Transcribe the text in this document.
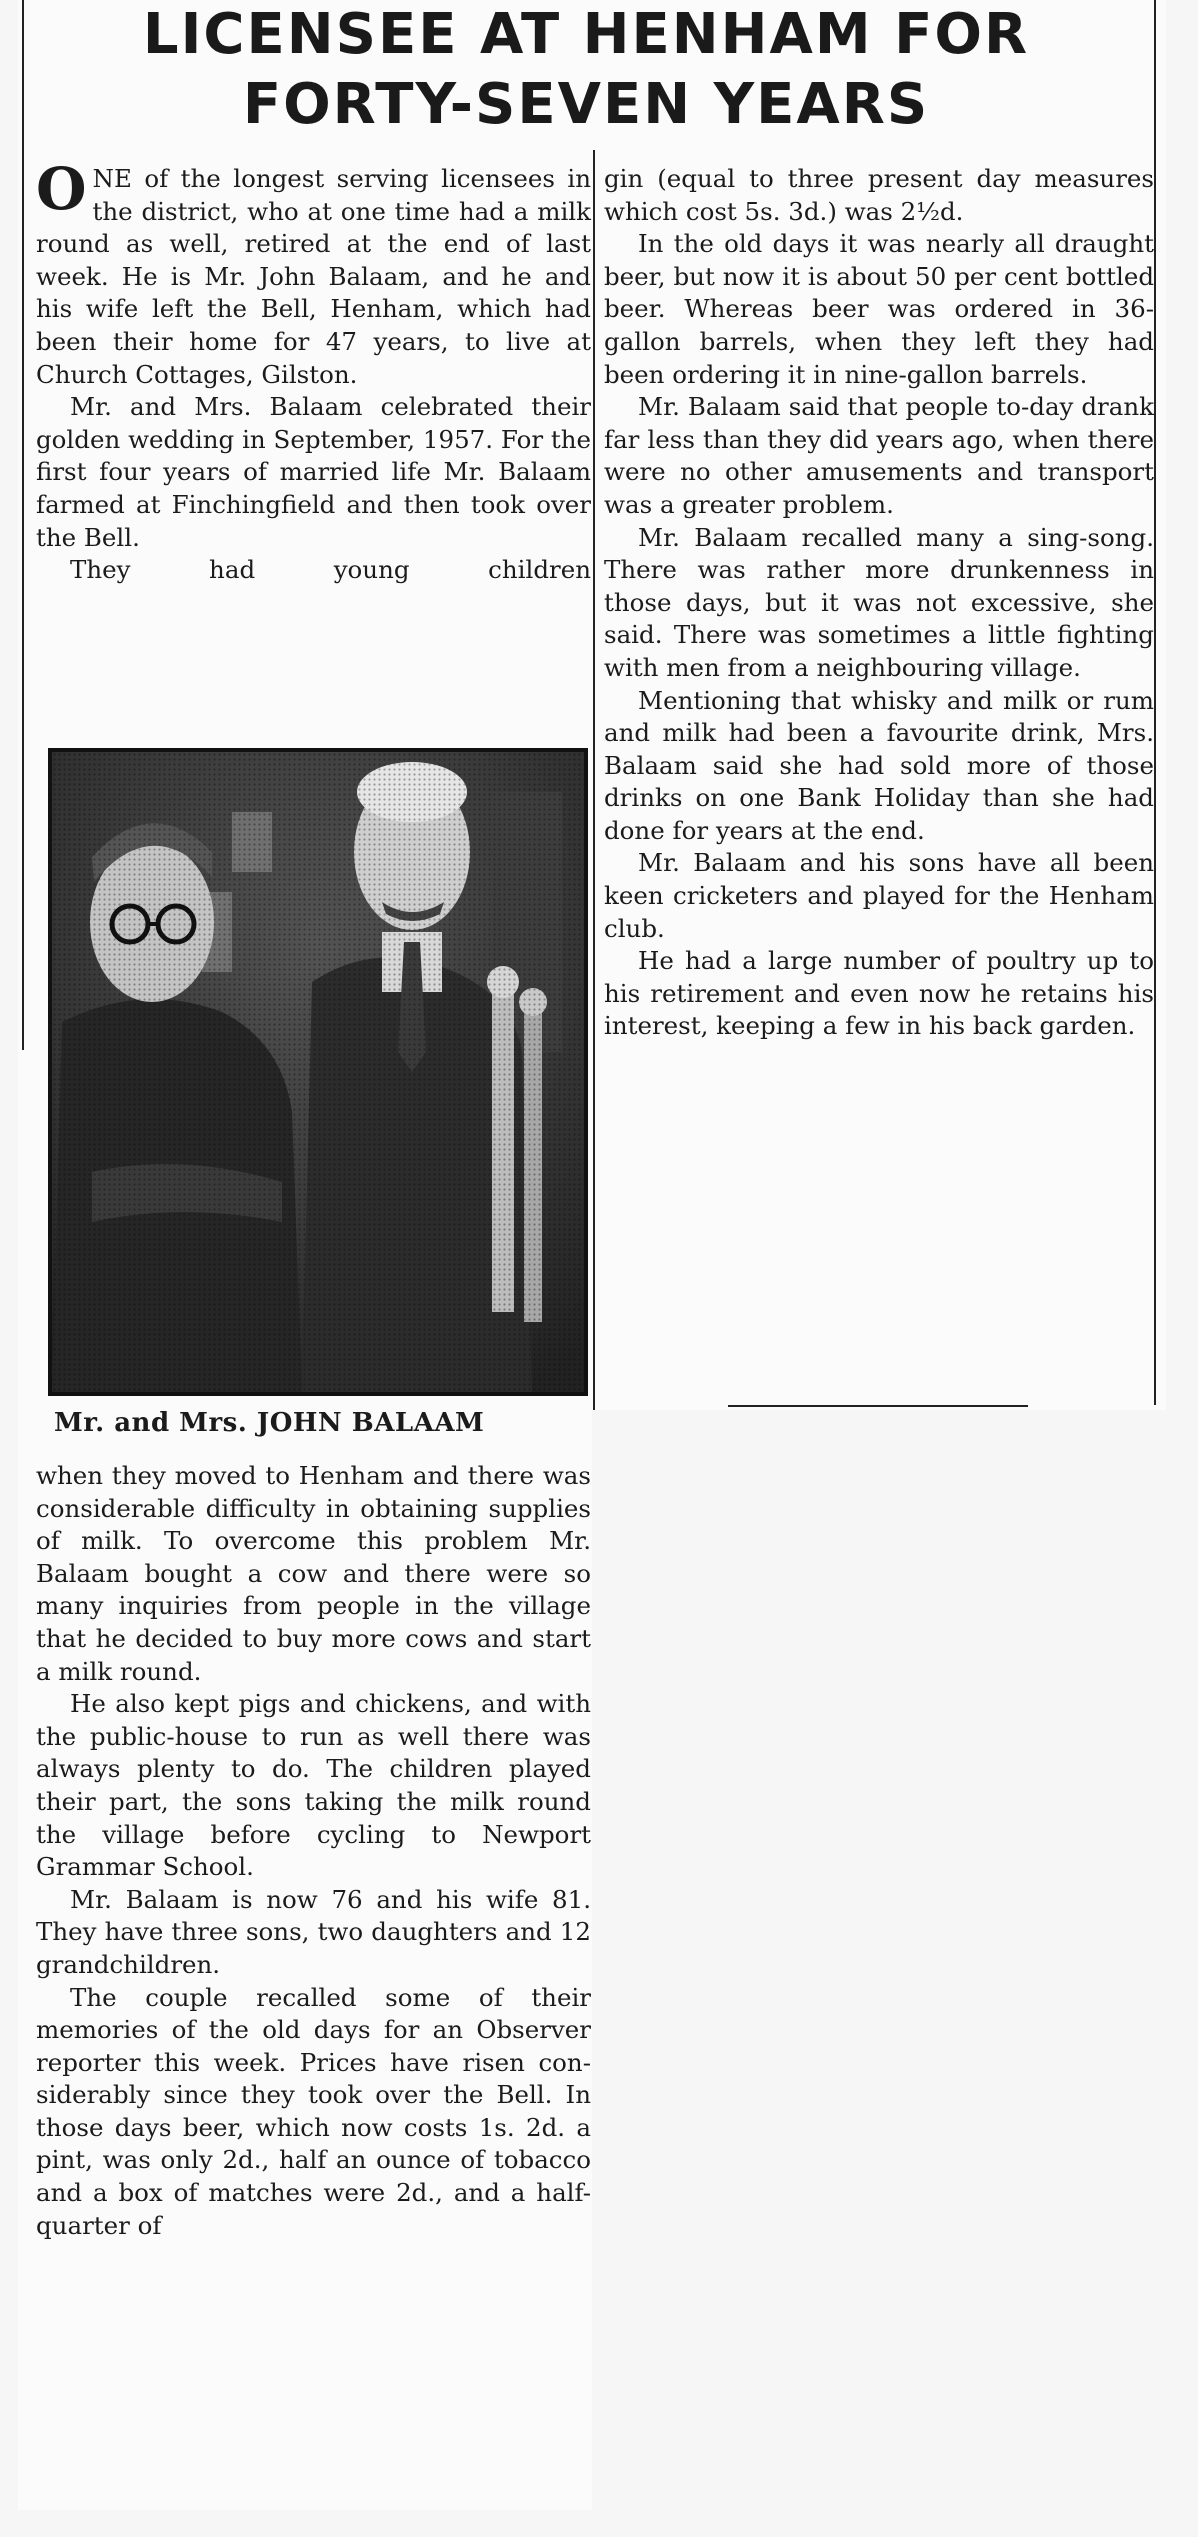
LICENSEE AT HENHAM FOR
FORTY-SEVEN YEARS

ONE of the longest serving licensees in the district, who at one time had a milk round as well, retired at the end of last week. He is Mr. John Balaam, and he and his wife left the Bell, Henham, which had been their home for 47 years, to live at Church Cottages, Gilston.

Mr. and Mrs. Balaam celebrated their golden wedding in September, 1957. For the first four years of married life Mr. Balaam farmed at Finchingfield and then took over the Bell.

They had young children

Mr. and Mrs. JOHN BALAAM

when they moved to Henham and there was considerable difficulty in obtaining supplies of milk. To overcome this problem Mr. Balaam bought a cow and there were so many inquiries from people in the village that he decided to buy more cows and start a milk round.

He also kept pigs and chickens, and with the public-house to run as well there was always plenty to do. The children played their part, the sons taking the milk round the village before cycling to Newport Grammar School.

Mr. Balaam is now 76 and his wife 81. They have three sons, two daughters and 12 grandchildren.

The couple recalled some of their memories of the old days for an Observer reporter this week. Prices have risen considerably since they took over the Bell. In those days beer, which now costs 1s. 2d. a pint, was only 2d., half an ounce of tobacco and a box of matches were 2d., and a half-quarter of

gin (equal to three present day measures which cost 5s. 3d.) was 2½d.

In the old days it was nearly all draught beer, but now it is about 50 per cent bottled beer. Whereas beer was ordered in 36-gallon barrels, when they left they had been ordering it in nine-gallon barrels.

Mr. Balaam said that people to-day drank far less than they did years ago, when there were no other amusements and transport was a greater problem.

Mr. Balaam recalled many a sing-song. There was rather more drunkenness in those days, but it was not excessive, she said. There was sometimes a little fighting with men from a neighbouring village.

Mentioning that whisky and milk or rum and milk had been a favourite drink, Mrs. Balaam said she had sold more of those drinks on one Bank Holiday than she had done for years at the end.

Mr. Balaam and his sons have all been keen cricketers and played for the Henham club.

He had a large number of poultry up to his retirement and even now he retains his interest, keeping a few in his back garden.
